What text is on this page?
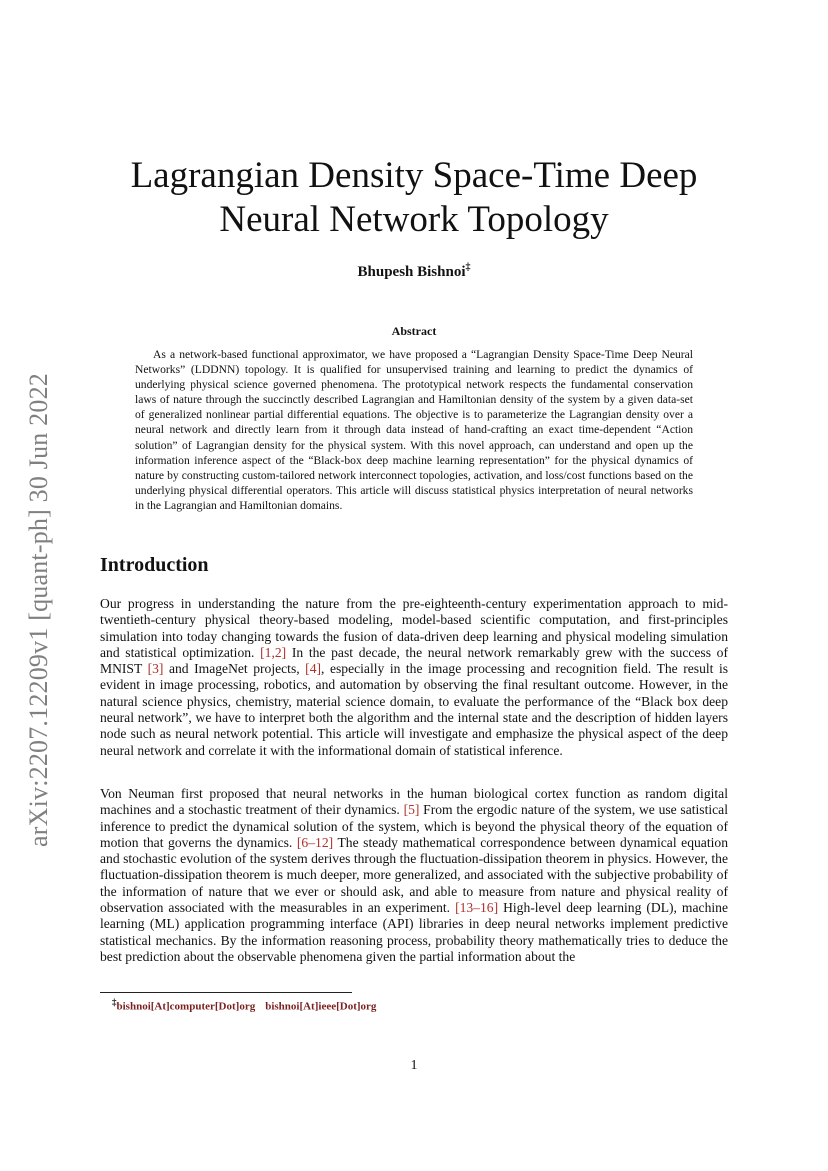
arXiv:2207.12209v1 [quant-ph] 30 Jun 2022
Lagrangian Density Space-Time Deep Neural Network Topology
Bhupesh Bishnoi‡
Abstract

As a network-based functional approximator, we have proposed a “Lagrangian Density Space-Time Deep Neural Networks” (LDDNN) topology. It is qualified for unsupervised training and learning to predict the dynamics of underlying physical science governed phenomena. The prototypical network respects the fundamental conservation laws of nature through the succinctly described Lagrangian and Hamiltonian density of the system by a given data-set of generalized nonlinear partial differential equations. The objective is to parameterize the Lagrangian density over a neural network and directly learn from it through data instead of hand-crafting an exact time-dependent “Action solution” of Lagrangian density for the physical system. With this novel approach, can understand and open up the information inference aspect of the “Black-box deep machine learning representation” for the physical dynamics of nature by constructing custom-tailored network interconnect topologies, activation, and loss/cost functions based on the underlying physical differential operators. This article will discuss statistical physics interpretation of neural networks in the Lagrangian and Hamiltonian domains.

Introduction

Our progress in understanding the nature from the pre-eighteenth-century experimentation approach to mid-twentieth-century physical theory-based modeling, model-based scientific computation, and first-principles simulation into today changing towards the fusion of data-driven deep learning and physical modeling simulation and statistical optimization. [1,2] In the past decade, the neural network remarkably grew with the success of MNIST [3] and ImageNet projects, [4], especially in the image processing and recognition field. The result is evident in image processing, robotics, and automation by observing the final resultant outcome. However, in the natural science physics, chemistry, material science domain, to evaluate the performance of the “Black box deep neural network”, we have to interpret both the algorithm and the internal state and the description of hidden layers node such as neural network potential. This article will investigate and emphasize the physical aspect of the deep neural network and correlate it with the informational domain of statistical inference.

Von Neuman first proposed that neural networks in the human biological cortex function as random digital machines and a stochastic treatment of their dynamics. [5] From the ergodic nature of the system, we use satistical inference to predict the dynamical solution of the system, which is beyond the physical theory of the equation of motion that governs the dynamics. [6–12] The steady mathematical correspondence between dynamical equation and stochastic evolution of the system derives through the fluctuation-dissipation theorem in physics. However, the fluctuation-dissipation theorem is much deeper, more generalized, and associated with the subjective probability of the information of nature that we ever or should ask, and able to measure from nature and physical reality of observation associated with the measurables in an experiment. [13–16] High-level deep learning (DL), machine learning (ML) application programming interface (API) libraries in deep neural networks implement predictive statistical mechanics. By the information reasoning process, probability theory mathematically tries to deduce the best prediction about the observable phenomena given the partial information about the

‡bishnoi[At]computer[Dot]org bishnoi[At]ieee[Dot]org
1
